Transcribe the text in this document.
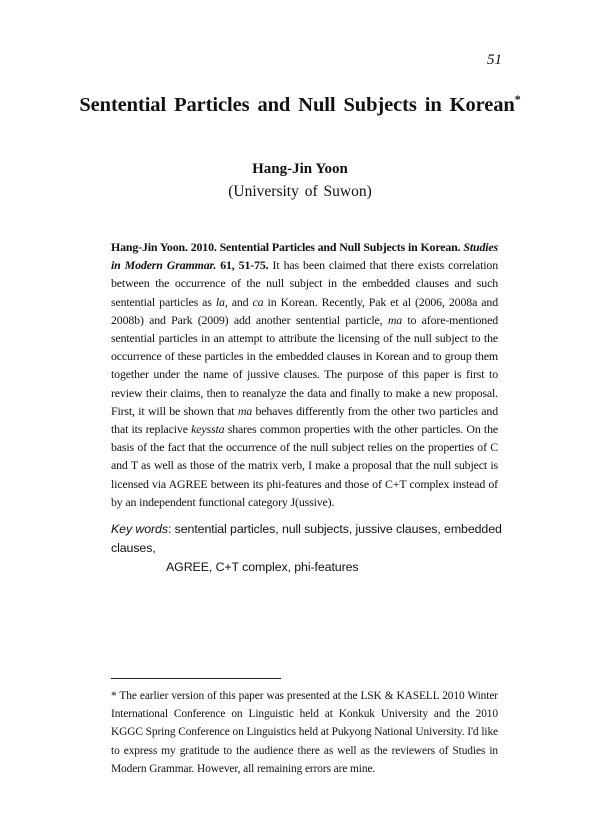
51
Sentential Particles and Null Subjects in Korean*
Hang-Jin Yoon
(University of Suwon)
Hang-Jin Yoon. 2010. Sentential Particles and Null Subjects in Korean. Studies in Modern Grammar. 61, 51-75. It has been claimed that there exists correlation between the occurrence of the null subject in the embedded clauses and such sentential particles as la, and ca in Korean. Recently, Pak et al (2006, 2008a and 2008b) and Park (2009) add another sentential particle, ma to afore-mentioned sentential particles in an attempt to attribute the licensing of the null subject to the occurrence of these particles in the embedded clauses in Korean and to group them together under the name of jussive clauses. The purpose of this paper is first to review their claims, then to reanalyze the data and finally to make a new proposal. First, it will be shown that ma behaves differently from the other two particles and that its replacive keyssta shares common properties with the other particles. On the basis of the fact that the occurrence of the null subject relies on the properties of C and T as well as those of the matrix verb, I make a proposal that the null subject is licensed via AGREE between its phi-features and those of C+T complex instead of by an independent functional category J(ussive).
Key words: sentential particles, null subjects, jussive clauses, embedded clauses,
AGREE, C+T complex, phi-features
* The earlier version of this paper was presented at the LSK & KASELL 2010 Winter International Conference on Linguistic held at Konkuk University and the 2010 KGGC Spring Conference on Linguistics held at Pukyong National University. I'd like to express my gratitude to the audience there as well as the reviewers of Studies in Modern Grammar. However, all remaining errors are mine.
